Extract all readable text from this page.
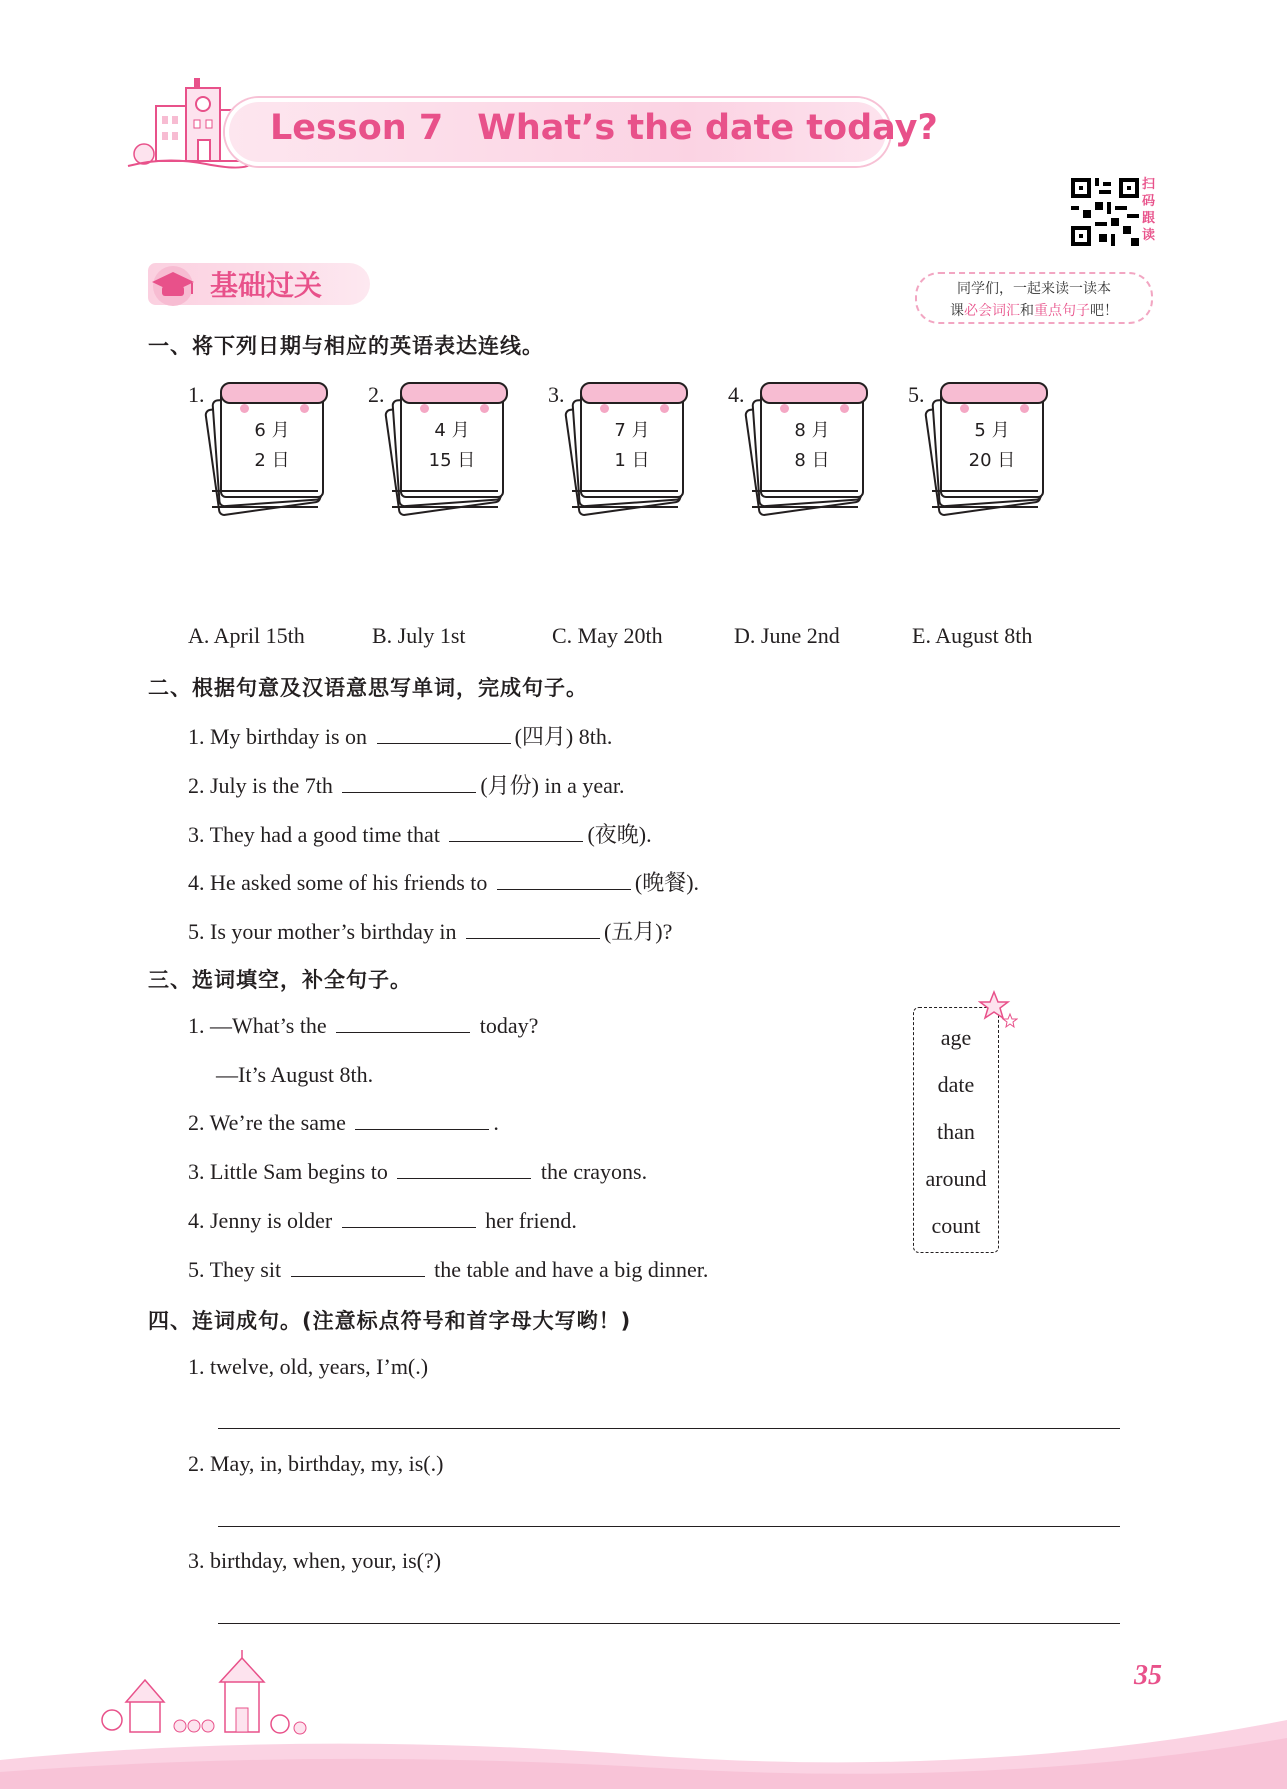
Lesson 7 What’s the date today?
扫
码
跟
读
基础过关	同学们，一起来读一读本
课必会词汇和重点句子吧！
一、将下列日期与相应的英语表达连线。
1.
6 月
2 日
2.
4 月
15 日
3.
7 月
1 日
4.
8 月
8 日
5.
5 月
20 日
A. April 15th	B. July 1st	C. May 20th	D. June 2nd	E. August 8th
二、根据句意及汉语意思写单词，完成句子。
1. My birthday is on	(四月) 8th.
2. July is the 7th	(月份) in a year.
3. They had a good time that	(夜晚).
4. He asked some of his friends to	(晚餐).
5. Is your mother’s birthday in	(五月)?
三、选词填空，补全句子。
1. —What’s the	today?
—It’s August 8th.
2. We’re the same	.
3. Little Sam begins to	the crayons.
4. Jenny is older	her friend.
5. They sit	the table and have a big dinner.
age
date
than
around
count
四、连词成句。(注意标点符号和首字母大写哟！)
1. twelve, old, years, I’m(.)
2. May, in, birthday, my, is(.)
3. birthday, when, your, is(?)
35
